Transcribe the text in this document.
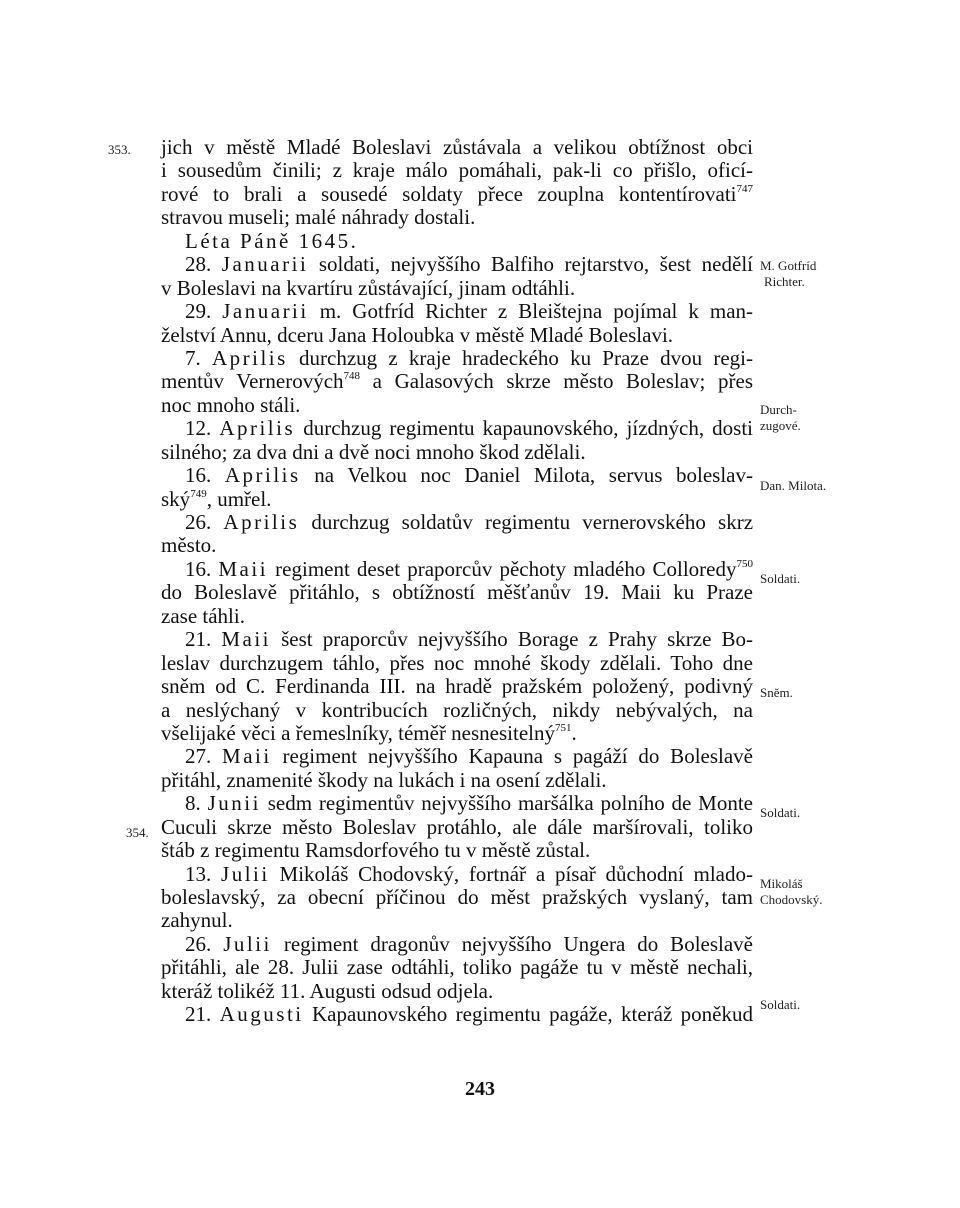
353.
354.
jich v městě Mladé Boleslavi zůstávala a velikou obtížnost obci
i sousedům činili; z kraje málo pomáhali, pak-li co přišlo, oficí-
rové to brali a sousedé soldaty přece zouplna kontentírovati$^{747}$
stravou museli; malé náhrady dostali.
Léta Páně 1645.
28. Januarii soldati, nejvyššího Balfiho rejtarstvo, šest nedělí
v Boleslavi na kvartíru zůstávající, jinam odtáhli.
29. Januarii m. Gotfríd Richter z Bleištejna pojímal k man-
želství Annu, dceru Jana Holoubka v městě Mladé Boleslavi.
7. Aprilis durchzug z kraje hradeckého ku Praze dvou regi-
mentův Vernerových$^{748}$ a Galasových skrze město Boleslav; přes
noc mnoho stáli.
12. Aprilis durchzug regimentu kapaunovského, jízdných, dosti
silného; za dva dni a dvě noci mnoho škod zdělali.
16. Aprilis na Velkou noc Daniel Milota, servus boleslav-
ský$^{749}$, umřel.
26. Aprilis durchzug soldatův regimentu vernerovského skrz
město.
16. Maii regiment deset praporcův pěchoty mladého Colloredy$^{750}$
do Boleslavě přitáhlo, s obtížností měšťanův 19. Maii ku Praze
zase táhli.
21. Maii šest praporcův nejvyššího Borage z Prahy skrze Bo-
leslav durchzugem táhlo, přes noc mnohé škody zdělali. Toho dne
sněm od C. Ferdinanda III. na hradě pražském položený, podivný
a neslýchaný v kontribucích rozličných, nikdy nebývalých, na
všelijaké věci a řemeslníky, téměř nesnesitelný$^{751}$.
27. Maii regiment nejvyššího Kapauna s pagáží do Boleslavě
přitáhl, znamenité škody na lukách i na osení zdělali.
8. Junii sedm regimentův nejvyššího maršálka polního de Monte
Cuculi skrze město Boleslav protáhlo, ale dále maršírovali, toliko
štáb z regimentu Ramsdorfového tu v městě zůstal.
13. Julii Mikoláš Chodovský, fortnář a písař důchodní mlado-
boleslavský, za obecní příčinou do měst pražských vyslaný, tam
zahynul.
26. Julii regiment dragonův nejvyššího Ungera do Boleslavě
přitáhli, ale 28. Julii zase odtáhli, toliko pagáže tu v městě nechali,
kteráž tolikéž 11. Augusti odsud odjela.
21. Augusti Kapaunovského regimentu pagáže, kteráž poněkud
M. Gotfríd
Richter.
Durch-
zugové.
Dan. Milota.
Soldati.
Sněm.
Soldati.
Mikoláš
Chodovský.
Soldati.
243
